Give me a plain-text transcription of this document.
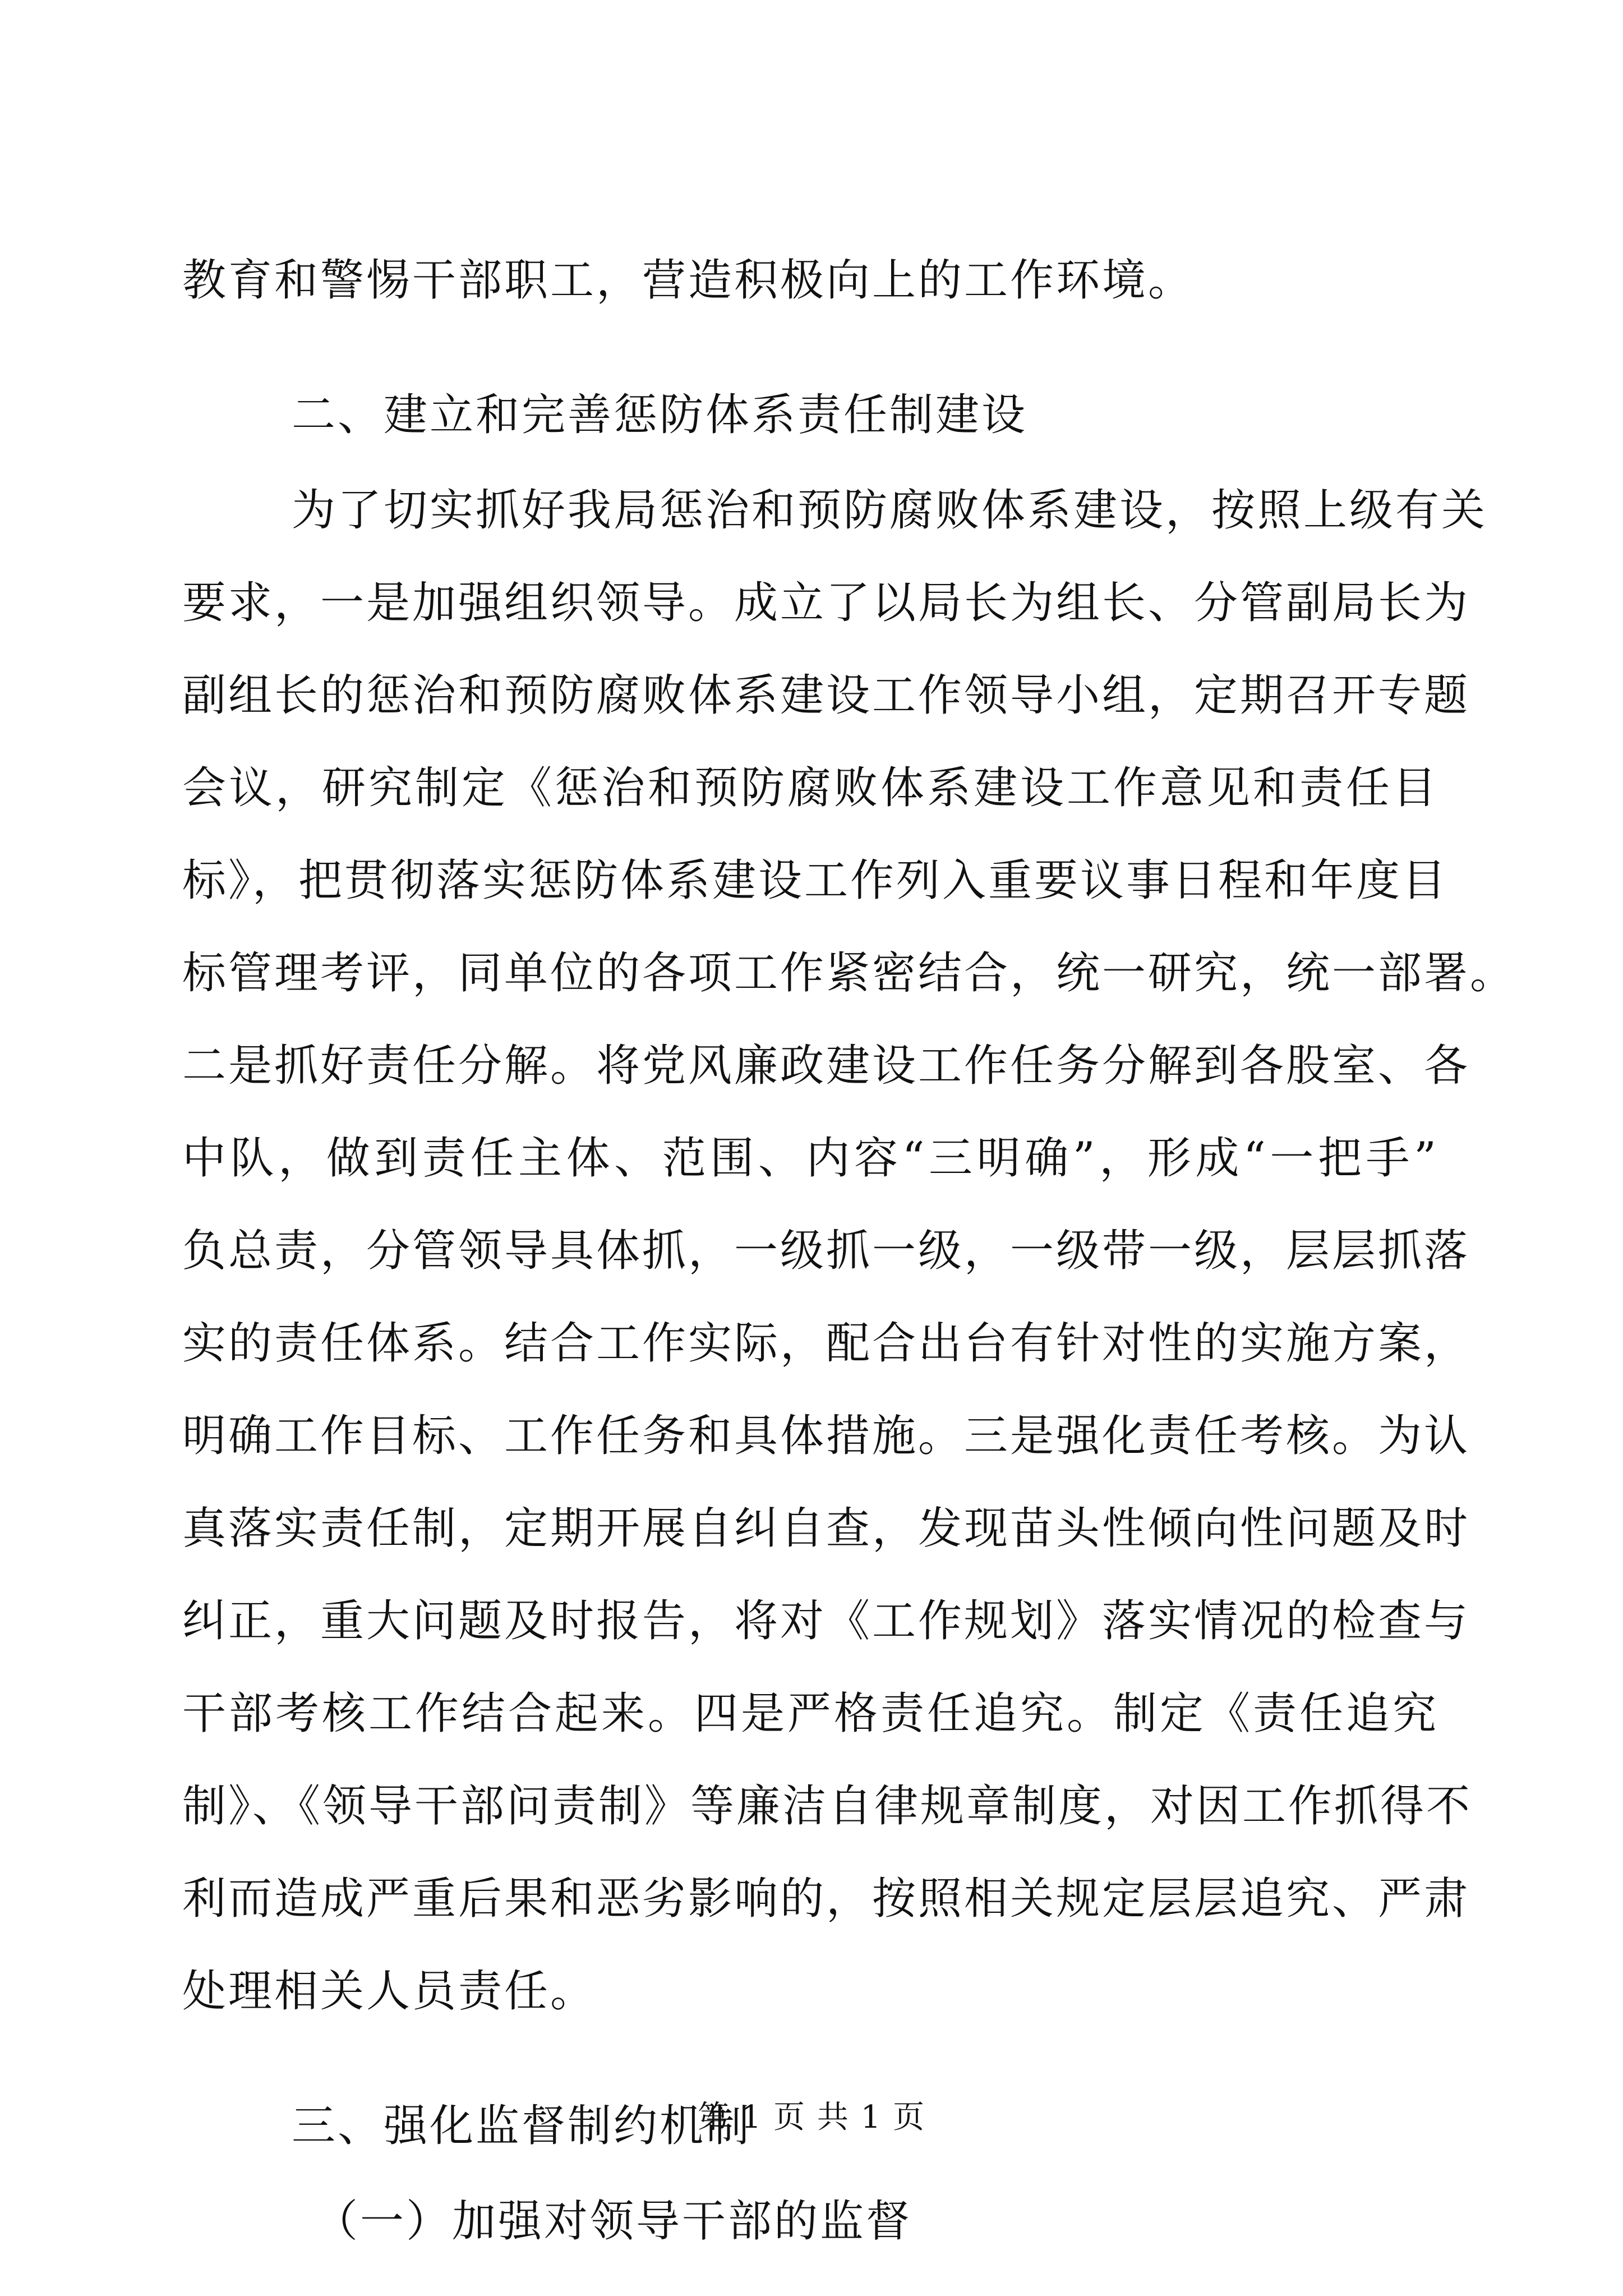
教育和警惕干部职工，营造积极向上的工作环境。
二、建立和完善惩防体系责任制建设
为了切实抓好我局惩治和预防腐败体系建设，按照上级有关
要求，一是加强组织领导。成立了以局长为组长、分管副局长为
副组长的惩治和预防腐败体系建设工作领导小组，定期召开专题
会议，研究制定《惩治和预防腐败体系建设工作意见和责任目
标》，把贯彻落实惩防体系建设工作列入重要议事日程和年度目
标管理考评，同单位的各项工作紧密结合，统一研究，统一部署。
二是抓好责任分解。将党风廉政建设工作任务分解到各股室、各
中队，做到责任主体、范围、内容“三明确”，形成“一把手”
负总责，分管领导具体抓，一级抓一级，一级带一级，层层抓落
实的责任体系。结合工作实际，配合出台有针对性的实施方案，
明确工作目标、工作任务和具体措施。三是强化责任考核。为认
真落实责任制，定期开展自纠自查，发现苗头性倾向性问题及时
纠正，重大问题及时报告，将对《工作规划》落实情况的检查与
干部考核工作结合起来。四是严格责任追究。制定《责任追究
制》、《领导干部问责制》等廉洁自律规章制度，对因工作抓得不
利而造成严重后果和恶劣影响的，按照相关规定层层追究、严肃
处理相关人员责任。
三、强化监督制约机制
（一）加强对领导干部的监督
第 1 页 共 1 页
